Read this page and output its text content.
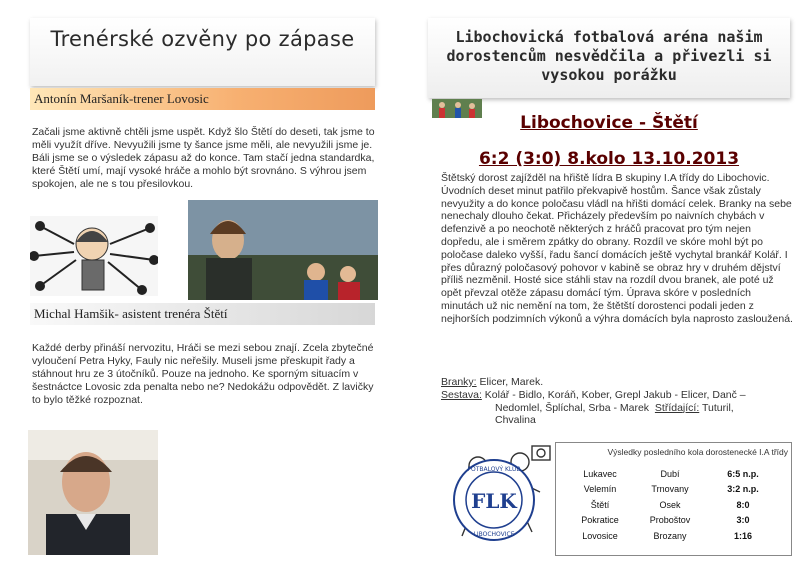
Trenérské ozvěny po zápase
Antonín Maršaník-trener Lovosic
Začali jsme aktivně chtěli jsme uspět. Když šlo Štětí do deseti, tak jsme to měli využít dříve. Nevyužili jsme ty šance jsme měli, ale nevyužili jsme je. Báli jsme se o výsledek zápasu až do konce. Tam stačí jedna standardka, které Štětí umí, mají vysoké hráče a mohlo být srovnáno. S výhrou jsem spokojen, ale ne s tou přesilovkou.
Michal Hamšik- asistent trenéra Štětí
Každé derby přináší nervozitu, Hráči se mezi sebou znají. Zcela zbytečné vyloučení Petra Hyky, Fauly nic neřešily. Museli jsme přeskupit řady a stáhnout hru ze 3 útočníků. Pouze na jednoho. Ke sporným situacím v šestnáctce Lovosic zda penalta nebo ne? Nedokážu odpovědět. Z lavičky to bylo těžké rozpoznat.
Libochovická fotbalová aréna našim dorostencům nesvědčila a přivezli si vysokou porážku
Libochovice - Štětí
6:2 (3:0) 8.kolo 13.10.2013
Štětský dorost zajížděl na hřiště lídra B skupiny I.A třídy do Libochovic. Úvodních deset minut patřilo překvapivě hostům. Šance však zůstaly nevyužity a do konce poločasu vládl na hřišti domácí celek. Branky na sebe nenechaly dlouho čekat. Přicházely především po naivních chybách v defenzivě a po neochotě některých z hráčů pracovat pro tým nejen dopředu, ale i směrem zpátky do obrany. Rozdíl ve skóre mohl být po poločase daleko vyšší, řadu šancí domácích ještě vychytal brankář Kolář. I přes důrazný poločasový pohovor v kabině se obraz hry v druhém dějství příliš nezměnil. Hosté sice stáhli stav na rozdíl dvou branek, ale poté už opět převzal otěže zápasu domácí tým. Úprava skóre v posledních minutách už nic nemění na tom, že štětští dorostenci podali jeden z nejhorších podzimních výkonů a výhra domácích byla naprosto zasloužená.
Branky: Elicer, Marek.
Sestava: Kolář - Bidlo, Koráň, Kober, Grepl Jakub - Elicer, Danč –
Nedomlel, Šplíchal, Srba - Marek Střídající: Tuturil,
Chvalina
Výsledky posledního kola dorostenecké I.A třídy
Lukavec	Dubí	6:5 n.p.
Velemín	Trnovany	3:2 n.p.
Štětí	Osek	8:0
Pokratice	Proboštov	3:0
Lovosice	Brozany	1:16
FLK
FOTBALOVÝ KLUB
LIBOCHOVICE
